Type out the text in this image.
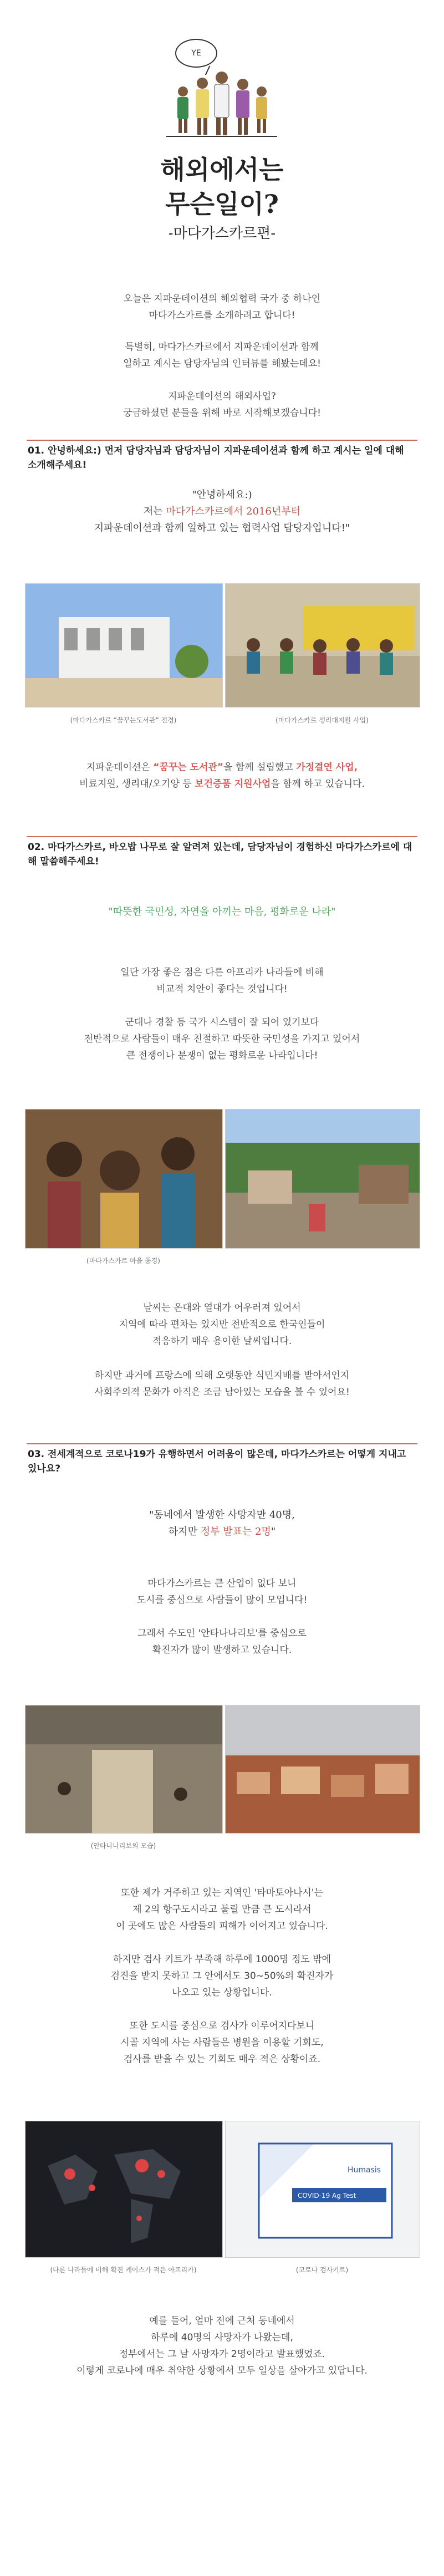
YE
해외에서는
무슨일이?
-마다가스카르편-
오늘은 지파운데이션의 해외협력 국가 중 하나인
마다가스카르를 소개하려고 합니다!
특별히, 마다가스카르에서 지파운데이션과 함께
일하고 계시는 담당자님의 인터뷰를 해봤는데요!
지파운데이션의 해외사업?
궁금하셨던 분들을 위해 바로 시작해보겠습니다!
01. 안녕하세요:) 먼저 담당자님과 담당자님이 지파운데이션과 함께 하고 계시는 일에 대해 소개해주세요!
"안녕하세요:)
저는 마다가스카르에서 2016년부터
지파운데이션과 함께 일하고 있는 협력사업 담당자입니다!"
(마다가스카르 “꿈꾸는도서관” 전경)	(마다가스카르 생리대지원 사업)
지파운데이션은 “꿈꾸는 도서관”을 함께 설립했고 가정결연 사업,
비료지원, 생리대/오기양 등 보건증품 지원사업을 함께 하고 있습니다.
02. 마다가스카르, 바오밥 나무로 잘 알려져 있는데, 담당자님이 경험하신 마다가스카르에 대해 말씀해주세요!
"따뜻한 국민성, 자연을 아끼는 마음, 평화로운 나라"
일단 가장 좋은 점은 다른 아프리카 나라들에 비해
비교적 치안이 좋다는 것입니다!
군대나 경찰 등 국가 시스템이 잘 되어 있기보다
전반적으로 사람들이 매우 친절하고 따뜻한 국민성을 가지고 있어서
큰 전쟁이나 분쟁이 없는 평화로운 나라입니다!
(마다가스카르 마을 풍경)
날씨는 온대와 열대가 어우러져 있어서
지역에 따라 편차는 있지만 전반적으로 한국인들이
적응하기 매우 용이한 날씨입니다.
하지만 과거에 프랑스에 의해 오랫동안 식민지배를 받아서인지
사회주의적 문화가 아직은 조금 남아있는 모습을 볼 수 있어요!
03. 전세계적으로 코로나19가 유행하면서 어려움이 많은데, 마다가스카르는 어떻게 지내고 있나요?
"동네에서 발생한 사망자만 40명,
하지만 정부 발표는 2명"
마다가스카르는 큰 산업이 없다 보니
도시를 중심으로 사람들이 많이 모입니다!
그래서 수도인 '안타나나리보'를 중심으로
확진자가 많이 발생하고 있습니다.
(안타나나리보의 모습)
또한 제가 거주하고 있는 지역인 '타마토아나시'는
제 2의 항구도시라고 불릴 만큼 큰 도시라서
이 곳에도 많은 사람들의 피해가 이어지고 있습니다.
하지만 검사 키트가 부족해 하루에 1000명 정도 밖에
검진을 받지 못하고 그 안에서도 30~50%의 확진자가
나오고 있는 상황입니다.
또한 도시를 중심으로 검사가 이루어지다보니
시골 지역에 사는 사람들은 병원을 이용할 기회도,
검사를 받을 수 있는 기회도 매우 적은 상황이죠.
Humasis
COVID-19 Ag Test
(다른 나라들에 비해 확진 케이스가 적은 아프리카)	(코로나 검사키트)
예를 들어, 얼마 전에 근처 동네에서
하루에 40명의 사망자가 나왔는데,
정부에서는 그 날 사망자가 2명이라고 발표했었죠.
이렇게 코로나에 매우 취약한 상황에서 모두 일상을 살아가고 있답니다.
